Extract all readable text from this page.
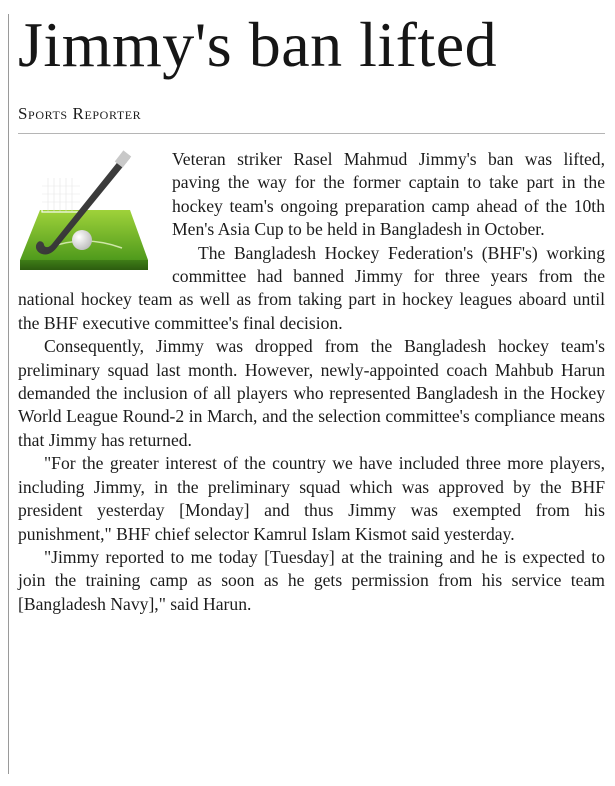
Jimmy's ban lifted
Sports Reporter

Veteran striker Rasel Mahmud Jimmy's ban was lifted, paving the way for the former captain to take part in the hockey team's ongoing preparation camp ahead of the 10th Men's Asia Cup to be held in Bangladesh in October.

The Bangladesh Hockey Federation's (BHF's) working committee had banned Jimmy for three years from the national hockey team as well as from taking part in hockey leagues aboard until the BHF executive committee's final decision.

Consequently, Jimmy was dropped from the Bangladesh hockey team's preliminary squad last month. However, newly-appointed coach Mahbub Harun demanded the inclusion of all players who represented Bangladesh in the Hockey World League Round-2 in March, and the selection committee's compliance means that Jimmy has returned.

"For the greater interest of the country we have included three more players, including Jimmy, in the preliminary squad which was approved by the BHF president yesterday [Monday] and thus Jimmy was exempted from his punishment," BHF chief selector Kamrul Islam Kismot said yesterday.

"Jimmy reported to me today [Tuesday] at the training and he is expected to join the training camp as soon as he gets permission from his service team [Bangladesh Navy]," said Harun.
